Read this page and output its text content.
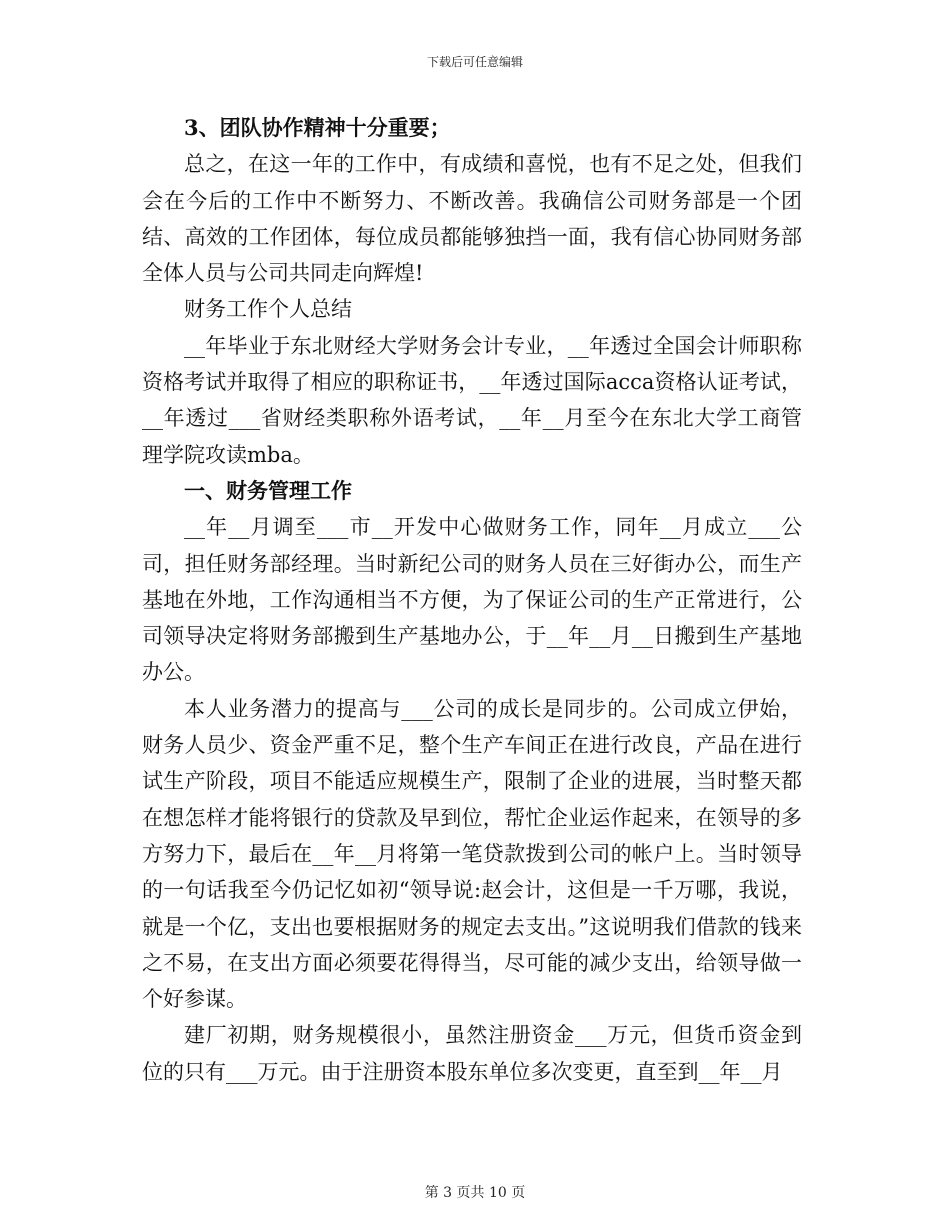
下载后可任意编辑

3、团队协作精神十分重要；

总之，在这一年的工作中，有成绩和喜悦，也有不足之处，但我们会在今后的工作中不断努力、不断改善。我确信公司财务部是一个团结、高效的工作团体，每位成员都能够独挡一面，我有信心协同财务部全体人员与公司共同走向辉煌!

财务工作个人总结

__年毕业于东北财经大学财务会计专业，__年透过全国会计师职称资格考试并取得了相应的职称证书，__年透过国际acca资格认证考试，__年透过___省财经类职称外语考试，__年__月至今在东北大学工商管理学院攻读mba。

一、财务管理工作

__年__月调至___市__开发中心做财务工作，同年__月成立___公司，担任财务部经理。当时新纪公司的财务人员在三好街办公，而生产基地在外地，工作沟通相当不方便，为了保证公司的生产正常进行，公司领导决定将财务部搬到生产基地办公，于__年__月__日搬到生产基地办公。

本人业务潜力的提高与___公司的成长是同步的。公司成立伊始，财务人员少、资金严重不足，整个生产车间正在进行改良，产品在进行试生产阶段，项目不能适应规模生产，限制了企业的进展，当时整天都在想怎样才能将银行的贷款及早到位，帮忙企业运作起来，在领导的多方努力下，最后在__年__月将第一笔贷款拨到公司的帐户上。当时领导的一句话我至今仍记忆如初“领导说:赵会计，这但是一千万哪，我说，就是一个亿，支出也要根据财务的规定去支出。”这说明我们借款的钱来之不易，在支出方面必须要花得得当，尽可能的减少支出，给领导做一个好参谋。

建厂初期，财务规模很小，虽然注册资金___万元，但货币资金到位的只有___万元。由于注册资本股东单位多次变更，直至到__年__月

第 3 页共 10 页
